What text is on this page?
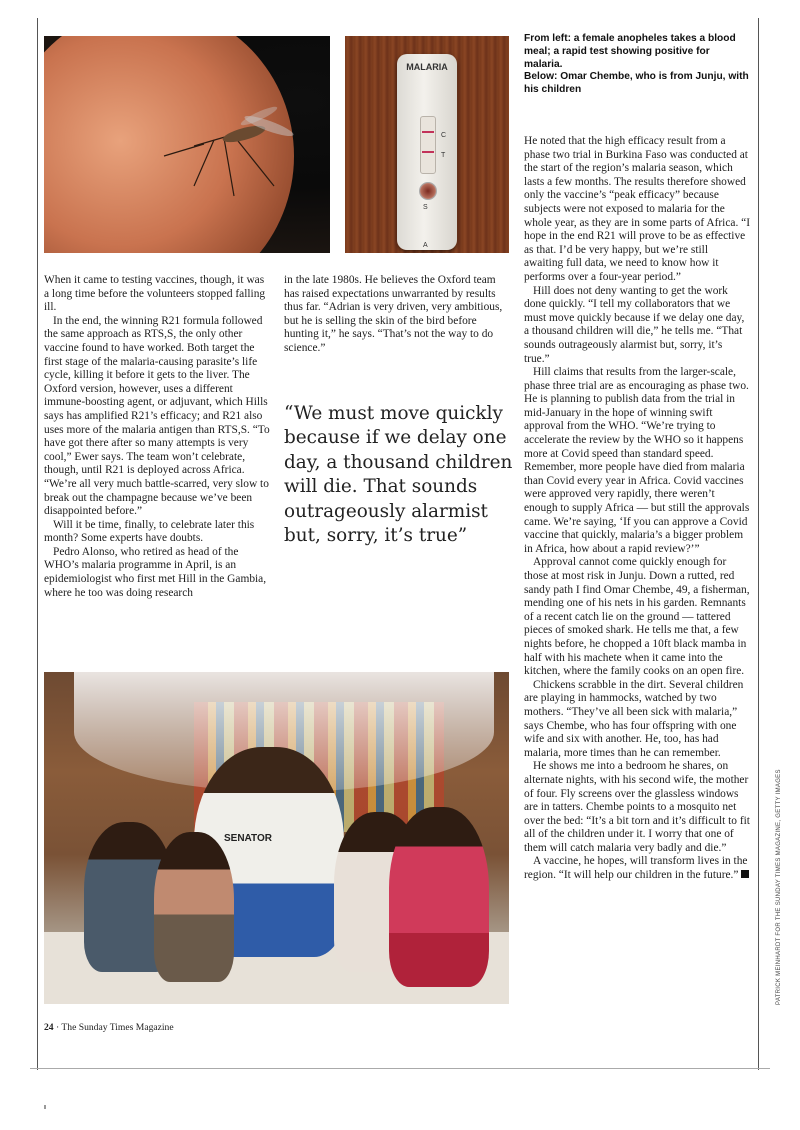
MALARIA
C
T
S
A

From left: a female anopheles takes a blood meal; a rapid test showing positive for malaria.

Below: Omar Chembe, who is from Junju, with his children

When it came to testing vaccines, though, it was a long time before the volunteers stopped falling ill.

In the end, the winning R21 formula followed the same approach as RTS,S, the only other vaccine found to have worked. Both target the first stage of the malaria-causing parasite’s life cycle, killing it before it gets to the liver. The Oxford version, however, uses a different immune-boosting agent, or adjuvant, which Hills says has amplified R21’s efficacy; and R21 also uses more of the malaria antigen than RTS,S. “To have got there after so many attempts is very cool,” Ewer says. The team won’t celebrate, though, until R21 is deployed across Africa. “We’re all very much battle-scarred, very slow to break out the champagne because we’ve been disappointed before.”

Will it be time, finally, to celebrate later this month? Some experts have doubts.

Pedro Alonso, who retired as head of the WHO’s malaria programme in April, is an epidemiologist who first met Hill in the Gambia, where he too was doing research

in the late 1980s. He believes the Oxford team has raised expectations unwarranted by results thus far. “Adrian is very driven, very ambitious, but he is selling the skin of the bird before hunting it,” he says. “That’s not the way to do science.”

“We must move quickly because if we delay one day, a thousand children will die. That sounds outrageously alarmist but, sorry, it’s true”

He noted that the high efficacy result from a phase two trial in Burkina Faso was conducted at the start of the region’s malaria season, which lasts a few months. The results therefore showed only the vaccine’s “peak efficacy” because subjects were not exposed to malaria for the whole year, as they are in some parts of Africa. “I hope in the end R21 will prove to be as effective as that. I’d be very happy, but we’re still awaiting full data, we need to know how it performs over a four-year period.”

Hill does not deny wanting to get the work done quickly. “I tell my collaborators that we must move quickly because if we delay one day, a thousand children will die,” he tells me. “That sounds outrageously alarmist but, sorry, it’s true.”

Hill claims that results from the larger-scale, phase three trial are as encouraging as phase two. He is planning to publish data from the trial in mid-January in the hope of winning swift approval from the WHO. “We’re trying to accelerate the review by the WHO so it happens more at Covid speed than standard speed. Remember, more people have died from malaria than Covid every year in Africa. Covid vaccines were approved very rapidly, there weren’t enough to supply Africa — but still the approvals came. We’re saying, ‘If you can approve a Covid vaccine that quickly, malaria’s a bigger problem in Africa, how about a rapid review?’”

Approval cannot come quickly enough for those at most risk in Junju. Down a rutted, red sandy path I find Omar Chembe, 49, a fisherman, mending one of his nets in his garden. Remnants of a recent catch lie on the ground — tattered pieces of smoked shark. He tells me that, a few nights before, he chopped a 10ft black mamba in half with his machete when it came into the kitchen, where the family cooks on an open fire.

Chickens scrabble in the dirt. Several children are playing in hammocks, watched by two mothers. “They’ve all been sick with malaria,” says Chembe, who has four offspring with one wife and six with another. He, too, has had malaria, more times than he can remember.

He shows me into a bedroom he shares, on alternate nights, with his second wife, the mother of four. Fly screens over the glassless windows are in tatters. Chembe points to a mosquito net over the bed: “It’s a bit torn and it’s difficult to fit all of the children under it. I worry that one of them will catch malaria very badly and die.”

A vaccine, he hopes, will transform lives in the region. “It will help our children in the future.”

SENATOR
24 · The Sunday Times Magazine
PATRICK MEINHARDT FOR THE SUNDAY TIMES MAGAZINE, GETTY IMAGES
